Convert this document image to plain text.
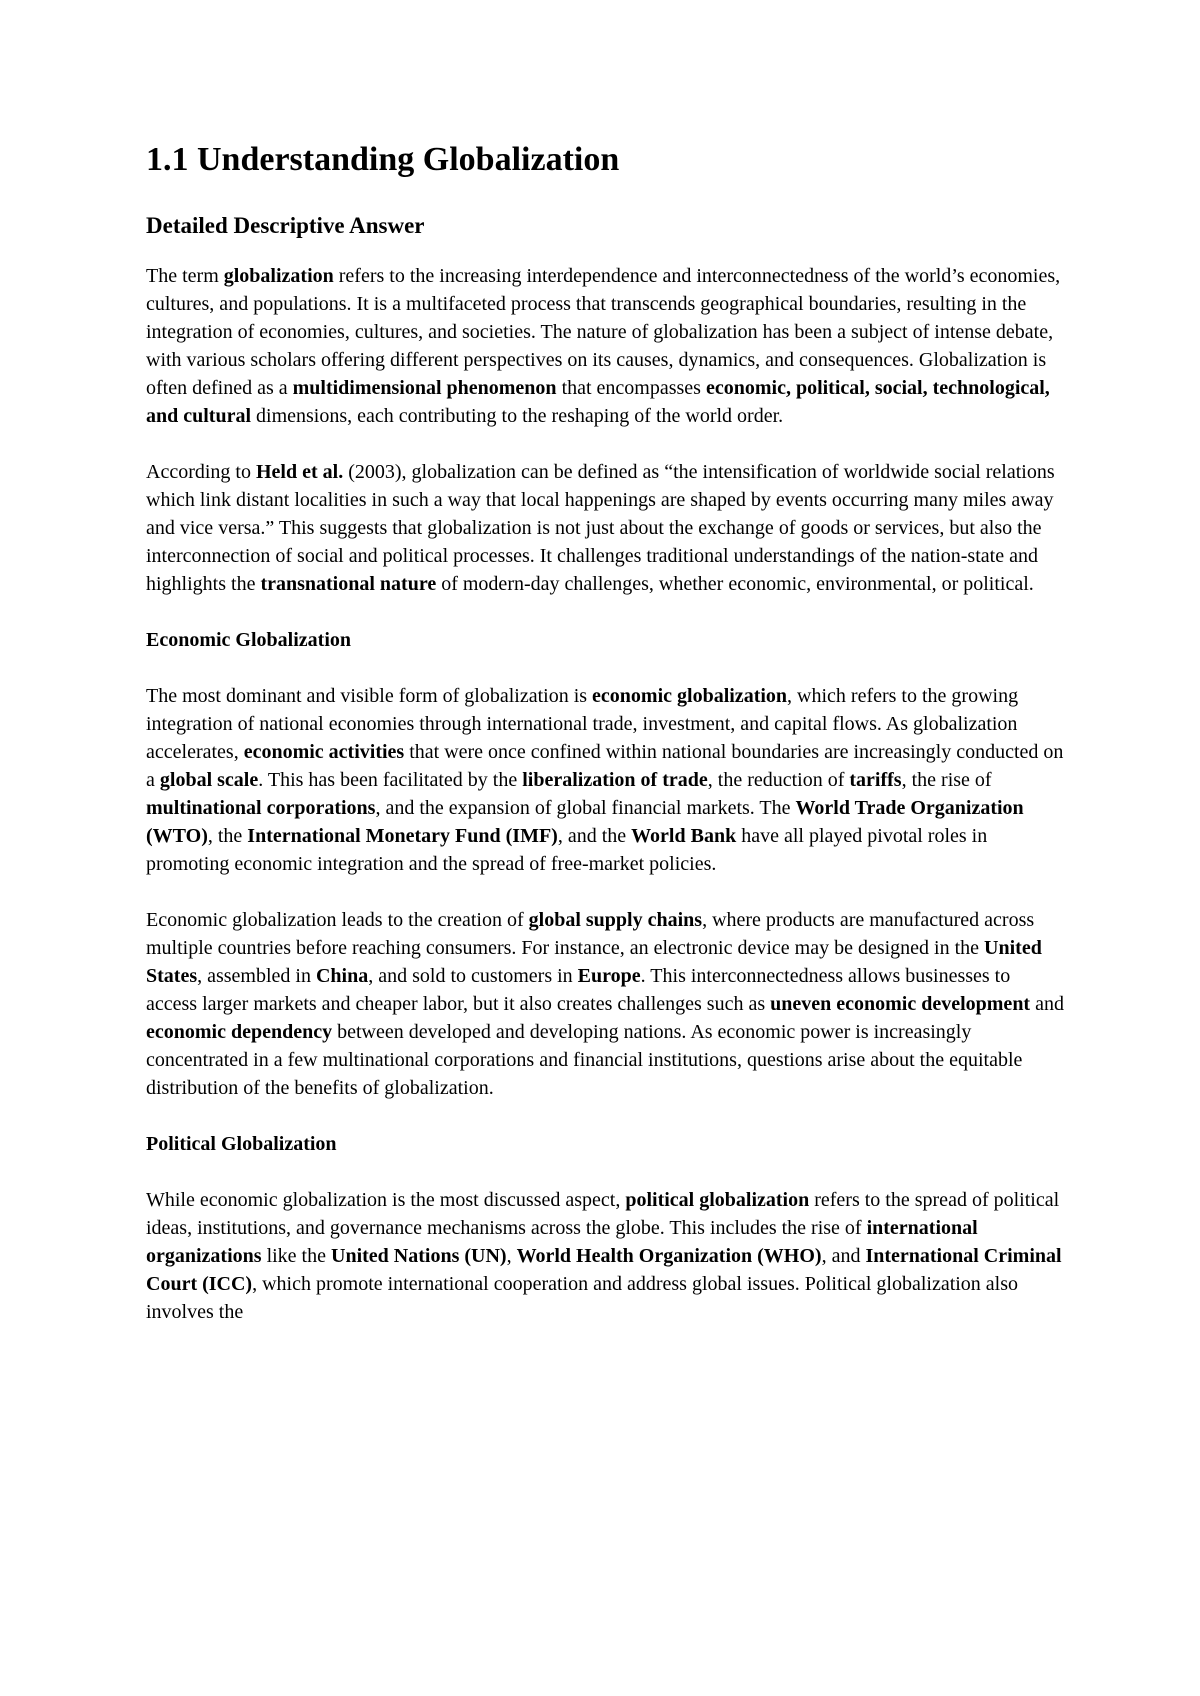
1.1 Understanding Globalization
Detailed Descriptive Answer

The term globalization refers to the increasing interdependence and interconnectedness of the world’s economies, cultures, and populations. It is a multifaceted process that transcends geographical boundaries, resulting in the integration of economies, cultures, and societies. The nature of globalization has been a subject of intense debate, with various scholars offering different perspectives on its causes, dynamics, and consequences. Globalization is often defined as a multidimensional phenomenon that encompasses economic, political, social, technological, and cultural dimensions, each contributing to the reshaping of the world order.

According to Held et al. (2003), globalization can be defined as “the intensification of worldwide social relations which link distant localities in such a way that local happenings are shaped by events occurring many miles away and vice versa.” This suggests that globalization is not just about the exchange of goods or services, but also the interconnection of social and political processes. It challenges traditional understandings of the nation-state and highlights the transnational nature of modern-day challenges, whether economic, environmental, or political.

Economic Globalization

The most dominant and visible form of globalization is economic globalization, which refers to the growing integration of national economies through international trade, investment, and capital flows. As globalization accelerates, economic activities that were once confined within national boundaries are increasingly conducted on a global scale. This has been facilitated by the liberalization of trade, the reduction of tariffs, the rise of multinational corporations, and the expansion of global financial markets. The World Trade Organization (WTO), the International Monetary Fund (IMF), and the World Bank have all played pivotal roles in promoting economic integration and the spread of free-market policies.

Economic globalization leads to the creation of global supply chains, where products are manufactured across multiple countries before reaching consumers. For instance, an electronic device may be designed in the United States, assembled in China, and sold to customers in Europe. This interconnectedness allows businesses to access larger markets and cheaper labor, but it also creates challenges such as uneven economic development and economic dependency between developed and developing nations. As economic power is increasingly concentrated in a few multinational corporations and financial institutions, questions arise about the equitable distribution of the benefits of globalization.

Political Globalization

While economic globalization is the most discussed aspect, political globalization refers to the spread of political ideas, institutions, and governance mechanisms across the globe. This includes the rise of international organizations like the United Nations (UN), World Health Organization (WHO), and International Criminal Court (ICC), which promote international cooperation and address global issues. Political globalization also involves the
